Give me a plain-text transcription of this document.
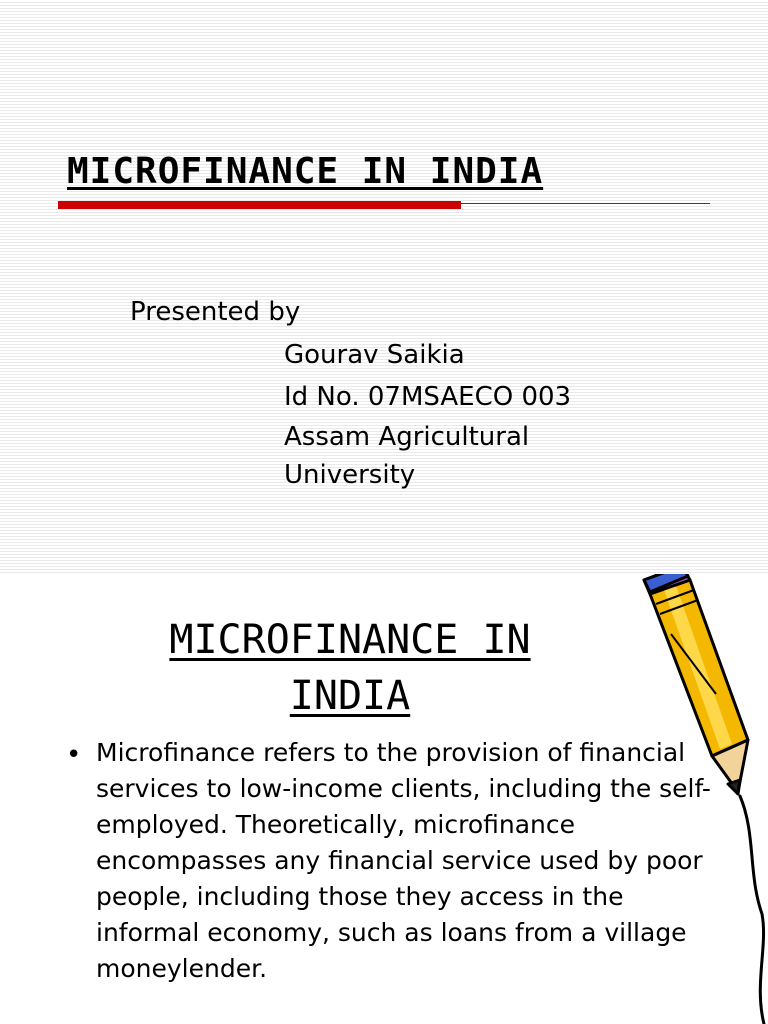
MICROFINANCE IN INDIA
Presented by
Gourav Saikia
Id No. 07MSAECO 003
Assam Agricultural
University
MICROFINANCE IN INDIA
• Microfinance refers to the provision of financial services to low-income clients, including the self-employed. Theoretically, microfinance encompasses any financial service used by poor people, including those they access in the informal economy, such as loans from a village moneylender.
